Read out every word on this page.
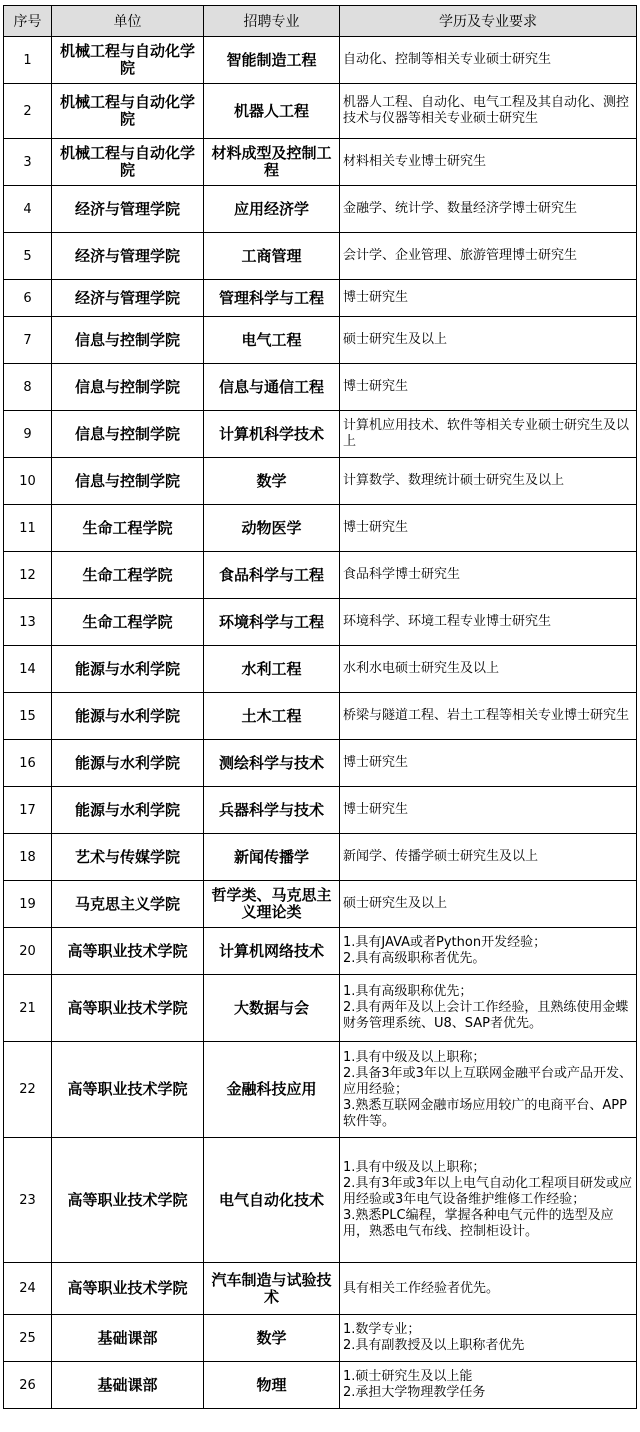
序号	单位	招聘专业	学历及专业要求
1	机械工程与自动化学院	智能制造工程	自动化、控制等相关专业硕士研究生
2	机械工程与自动化学院	机器人工程	机器人工程、自动化、电气工程及其自动化、测控技术与仪器等相关专业硕士研究生
3	机械工程与自动化学院	材料成型及控制工程	材料相关专业博士研究生
4	经济与管理学院	应用经济学	金融学、统计学、数量经济学博士研究生
5	经济与管理学院	工商管理	会计学、企业管理、旅游管理博士研究生
6	经济与管理学院	管理科学与工程	博士研究生
7	信息与控制学院	电气工程	硕士研究生及以上
8	信息与控制学院	信息与通信工程	博士研究生
9	信息与控制学院	计算机科学技术	计算机应用技术、软件等相关专业硕士研究生及以上
10	信息与控制学院	数学	计算数学、数理统计硕士研究生及以上
11	生命工程学院	动物医学	博士研究生
12	生命工程学院	食品科学与工程	食品科学博士研究生
13	生命工程学院	环境科学与工程	环境科学、环境工程专业博士研究生
14	能源与水利学院	水利工程	水利水电硕士研究生及以上
15	能源与水利学院	土木工程	桥梁与隧道工程、岩土工程等相关专业博士研究生
16	能源与水利学院	测绘科学与技术	博士研究生
17	能源与水利学院	兵器科学与技术	博士研究生
18	艺术与传媒学院	新闻传播学	新闻学、传播学硕士研究生及以上
19	马克思主义学院	哲学类、马克思主义理论类	硕士研究生及以上
20	高等职业技术学院	计算机网络技术	1.具有JAVA或者Python开发经验；
2.具有高级职称者优先。
21	高等职业技术学院	大数据与会	1.具有高级职称优先；
2.具有两年及以上会计工作经验，且熟练使用金蝶财务管理系统、U8、SAP者优先。
22	高等职业技术学院	金融科技应用	1.具有中级及以上职称；
2.具备3年或3年以上互联网金融平台或产品开发、应用经验；
3.熟悉互联网金融市场应用较广的电商平台、APP软件等。
23	高等职业技术学院	电气自动化技术	1.具有中级及以上职称；
2.具有3年或3年以上电气自动化工程项目研发或应用经验或3年电气设备维护维修工作经验；
3.熟悉PLC编程，掌握各种电气元件的选型及应用，熟悉电气布线、控制柜设计。
24	高等职业技术学院	汽车制造与试验技术	具有相关工作经验者优先。
25	基础课部	数学	1.数学专业；
2.具有副教授及以上职称者优先
26	基础课部	物理	1.硕士研究生及以上能
2.承担大学物理教学任务
